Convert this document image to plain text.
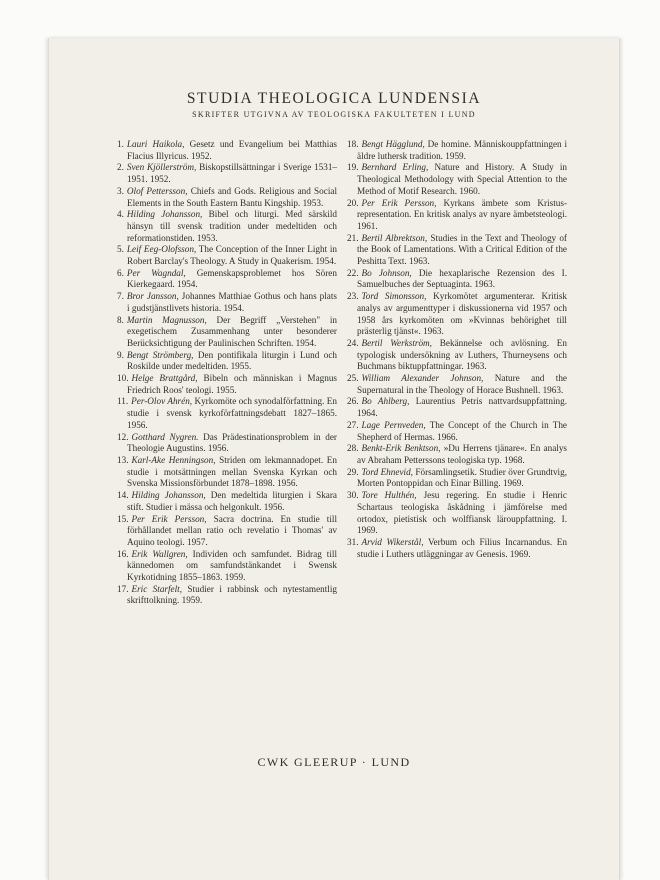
STUDIA THEOLOGICA LUNDENSIA
SKRIFTER UTGIVNA AV TEOLOGISKA FAKULTETEN I LUND

1. Lauri Haikola, Gesetz und Evangelium bei Matthias Flacius Illyricus. 1952.

2. Sven Kjöllerström, Biskopstillsättningar i Sverige 1531–1951. 1952.

3. Olof Pettersson, Chiefs and Gods. Religious and Social Elements in the South Eastern Bantu Kingship. 1953.

4. Hilding Johansson, Bibel och liturgi. Med särskild hänsyn till svensk tradition under medeltiden och reformationstiden. 1953.

5. Leif Eeg-Olofsson, The Conception of the Inner Light in Robert Barclay's Theology. A Study in Quakerism. 1954.

6. Per Wagndal, Gemenskapsproblemet hos Sören Kierkegaard. 1954.

7. Bror Jansson, Johannes Matthiae Gothus och hans plats i gudstjänstlivets historia. 1954.

8. Martin Magnusson, Der Begriff „Verstehen" in exegetischem Zusammenhang unter besonderer Berücksichtigung der Paulinischen Schriften. 1954.

9. Bengt Strömberg, Den pontifikala liturgin i Lund och Roskilde under medeltiden. 1955.

10. Helge Brattgård, Bibeln och människan i Magnus Friedrich Roos' teologi. 1955.

11. Per-Olov Ahrén, Kyrkomöte och synodalförfattning. En studie i svensk kyrkoförfattningsdebatt 1827–1865. 1956.

12. Gotthard Nygren. Das Prädestinationsproblem in der Theologie Augustins. 1956.

13. Karl-Ake Henningson, Striden om lekmannadopet. En studie i motsättningen mellan Svenska Kyrkan och Svenska Missionsförbundet 1878–1898. 1956.

14. Hilding Johansson, Den medeltida liturgien i Skara stift. Studier i mässa och helgonkult. 1956.

15. Per Erik Persson, Sacra doctrina. En studie till förhållandet mellan ratio och revelatio i Thomas' av Aquino teologi. 1957.

16. Erik Wallgren, Individen och samfundet. Bidrag till kännedomen om samfundstänkandet i Swensk Kyrkotidning 1855–1863. 1959.

17. Eric Starfelt, Studier i rabbinsk och nytestamentlig skrifttolkning. 1959.

18. Bengt Hägglund, De homine. Människouppfattningen i äldre luthersk tradition. 1959.

19. Bernhard Erling, Nature and History. A Study in Theological Methodology with Special Attention to the Method of Motif Research. 1960.

20. Per Erik Persson, Kyrkans ämbete som Kristus-representation. En kritisk analys av nyare ämbetsteologi. 1961.

21. Bertil Albrektson, Studies in the Text and Theology of the Book of Lamentations. With a Critical Edition of the Peshitta Text. 1963.

22. Bo Johnson, Die hexaplarische Rezension des I. Samuelbuches der Septuaginta. 1963.

23. Tord Simonsson, Kyrkomötet argumenterar. Kritisk analys av argumenttyper i diskussionerna vid 1957 och 1958 års kyrkomöten om »Kvinnas behörighet till prästerlig tjänst«. 1963.

24. Bertil Werkström, Bekännelse och avlösning. En typologisk undersökning av Luthers, Thurneysens och Buchmans biktuppfattningar. 1963.

25. William Alexander Johnson, Nature and the Supernatural in the Theology of Horace Bushnell. 1963.

26. Bo Ahlberg, Laurentius Petris nattvardsuppfattning. 1964.

27. Lage Pernveden, The Concept of the Church in The Shepherd of Hermas. 1966.

28. Benkt-Erik Benktson, »Du Herrens tjänare«. En analys av Abraham Petterssons teologiska typ. 1968.

29. Tord Ehnevid, Församlingsetik. Studier över Grundtvig, Morten Pontoppidan och Einar Billing. 1969.

30. Tore Hulthén, Jesu regering. En studie i Henric Schartaus teologiska åskådning i jämförelse med ortodox, pietistisk och wolffiansk lärouppfattning. I. 1969.

31. Arvid Wikerstål, Verbum och Filius Incarnandus. En studie i Luthers utläggningar av Genesis. 1969.

CWK GLEERUP · LUND
